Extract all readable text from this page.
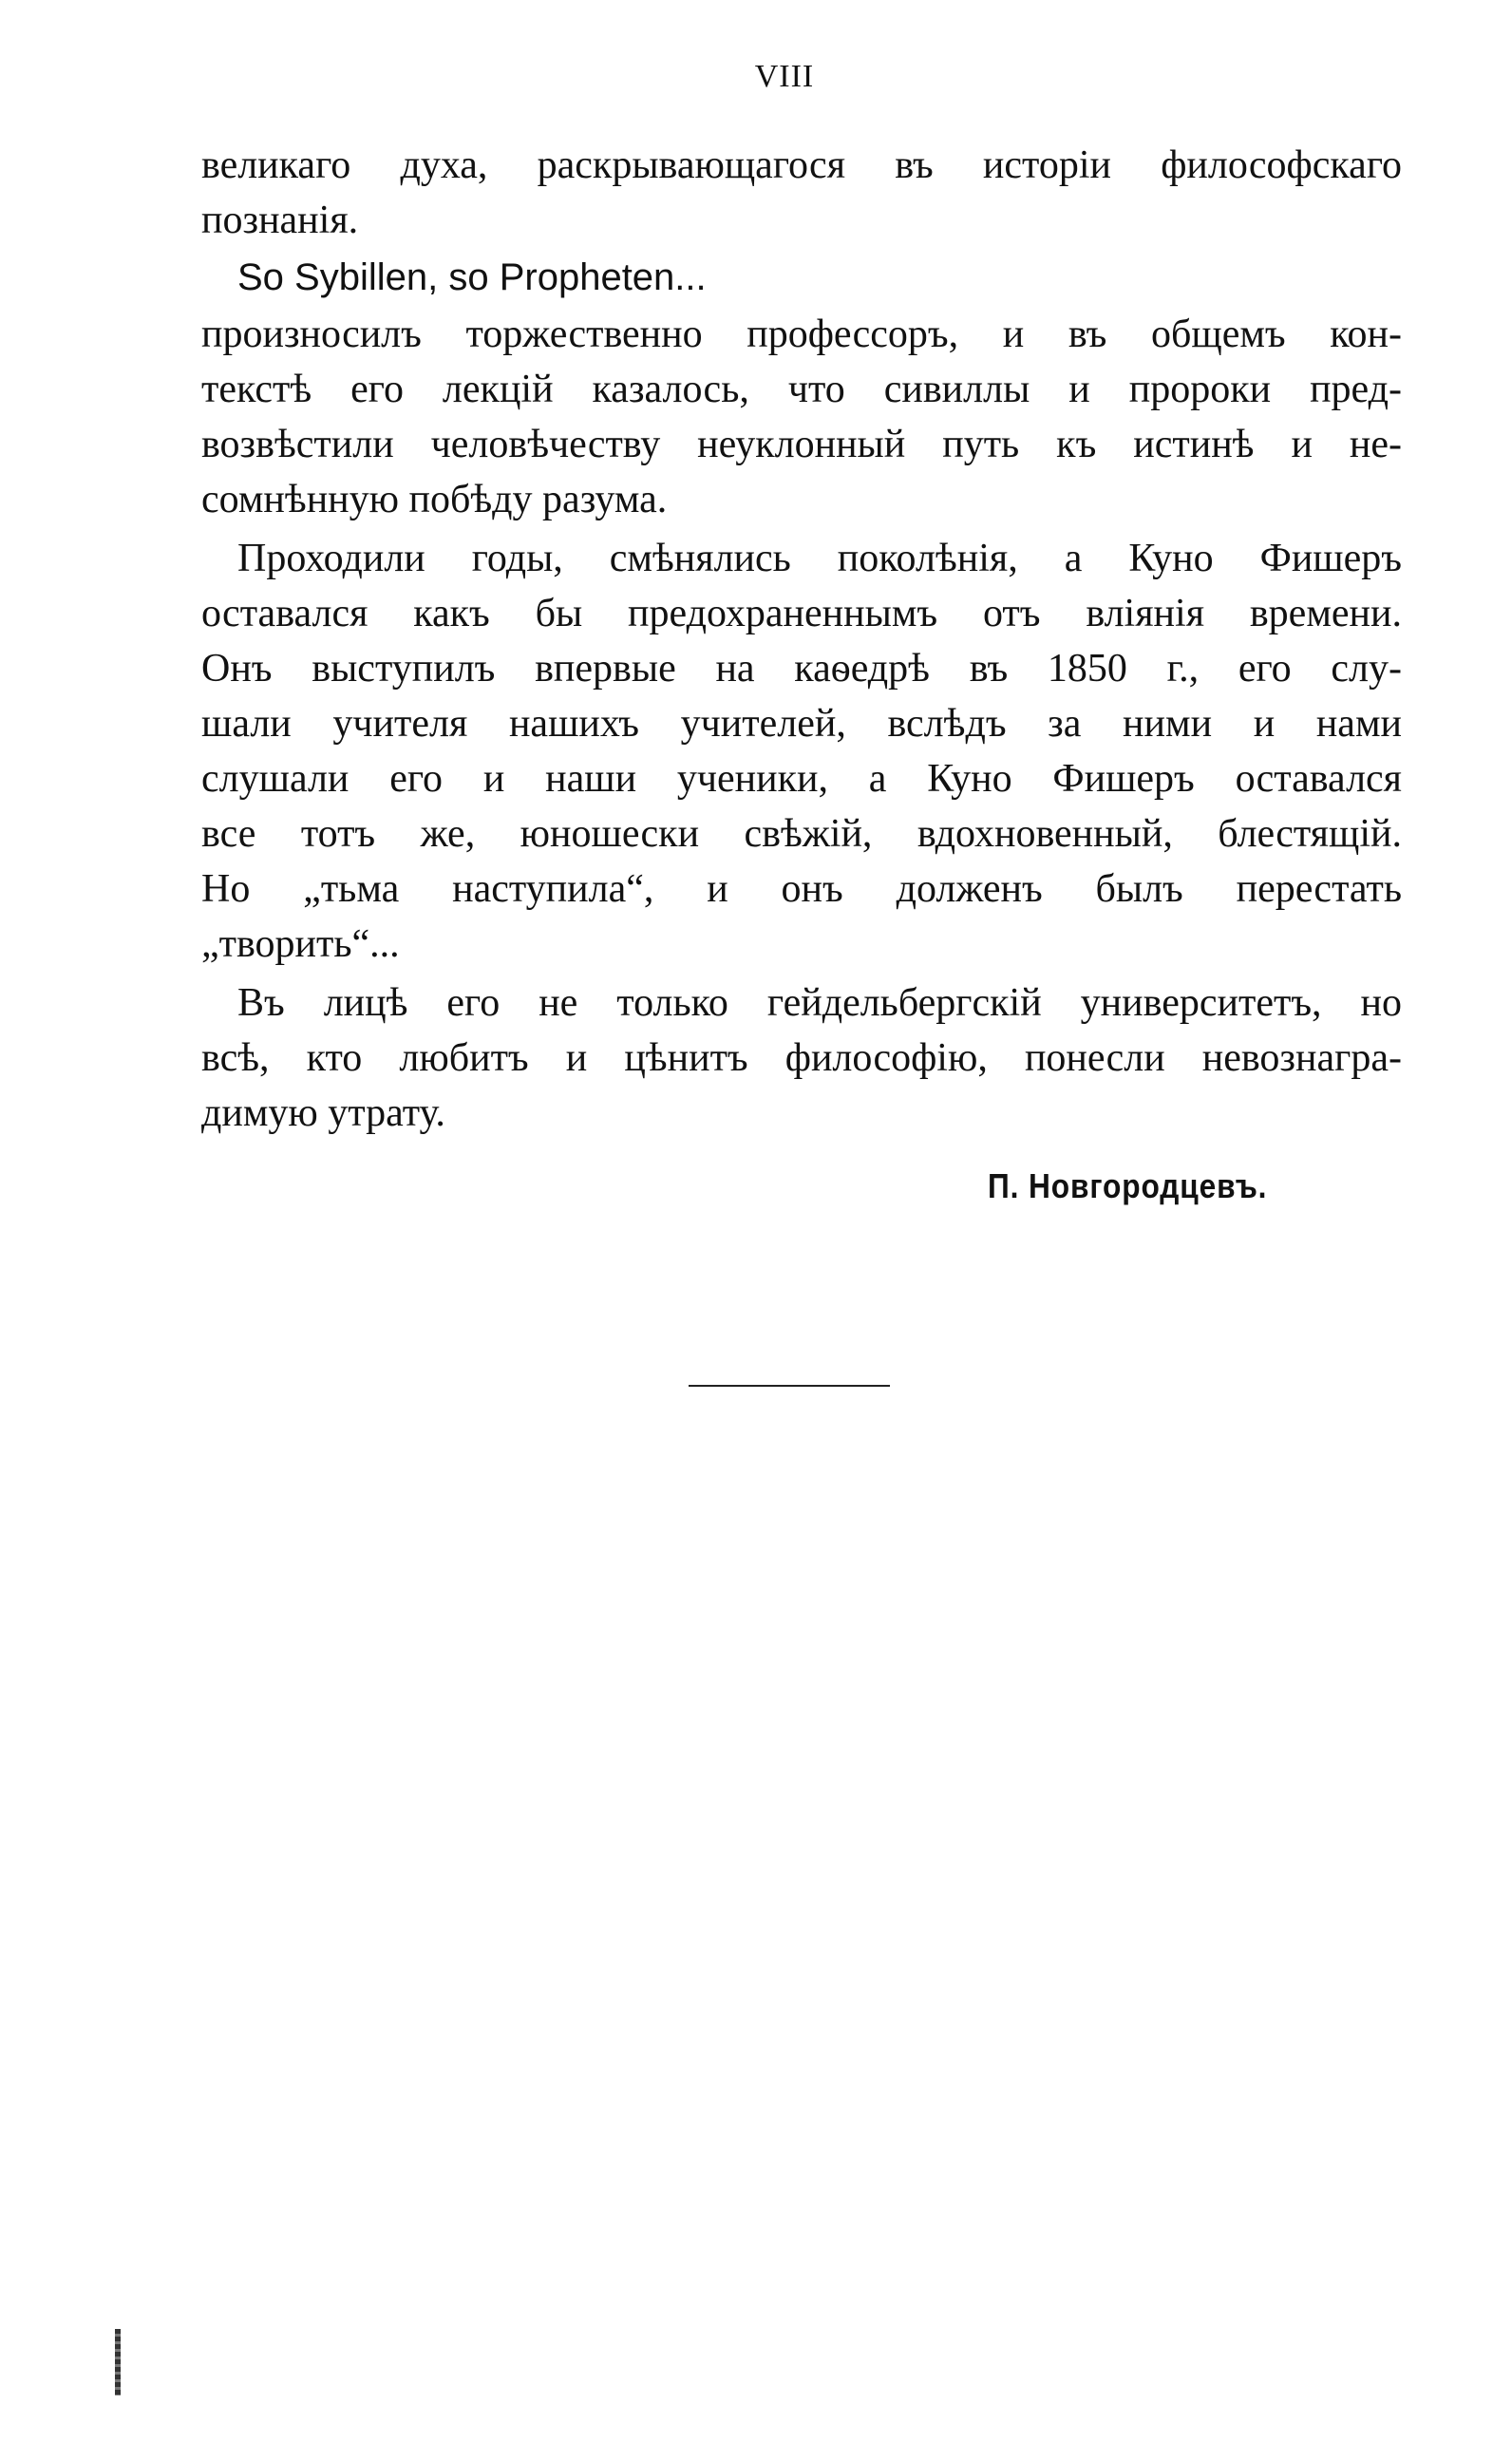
VIII
великаго духа, раскрывающагося въ исторіи философскаго
познанія.
So Sybillen, so Propheten...
произносилъ торжественно профессоръ, и въ общемъ кон-
текстѣ его лекцій казалось, что сивиллы и пророки пред-
возвѣстили человѣчеству неуклонный путь къ истинѣ и не-
сомнѣнную побѣду разума.
Проходили годы, смѣнялись поколѣнія, а Куно Фишеръ
оставался какъ бы предохраненнымъ отъ вліянія времени.
Онъ выступилъ впервые на каѳедрѣ въ 1850 г., его слу-
шали учителя нашихъ учителей, вслѣдъ за ними и нами
слушали его и наши ученики, а Куно Фишеръ оставался
все тотъ же, юношески свѣжій, вдохновенный, блестящій.
Но „тьма наступила“, и онъ долженъ былъ перестать
„творить“...
Въ лицѣ его не только гейдельбергскій университетъ, но
всѣ, кто любитъ и цѣнитъ философію, понесли невознагра-
димую утрату.
П. Новгородцевъ.
